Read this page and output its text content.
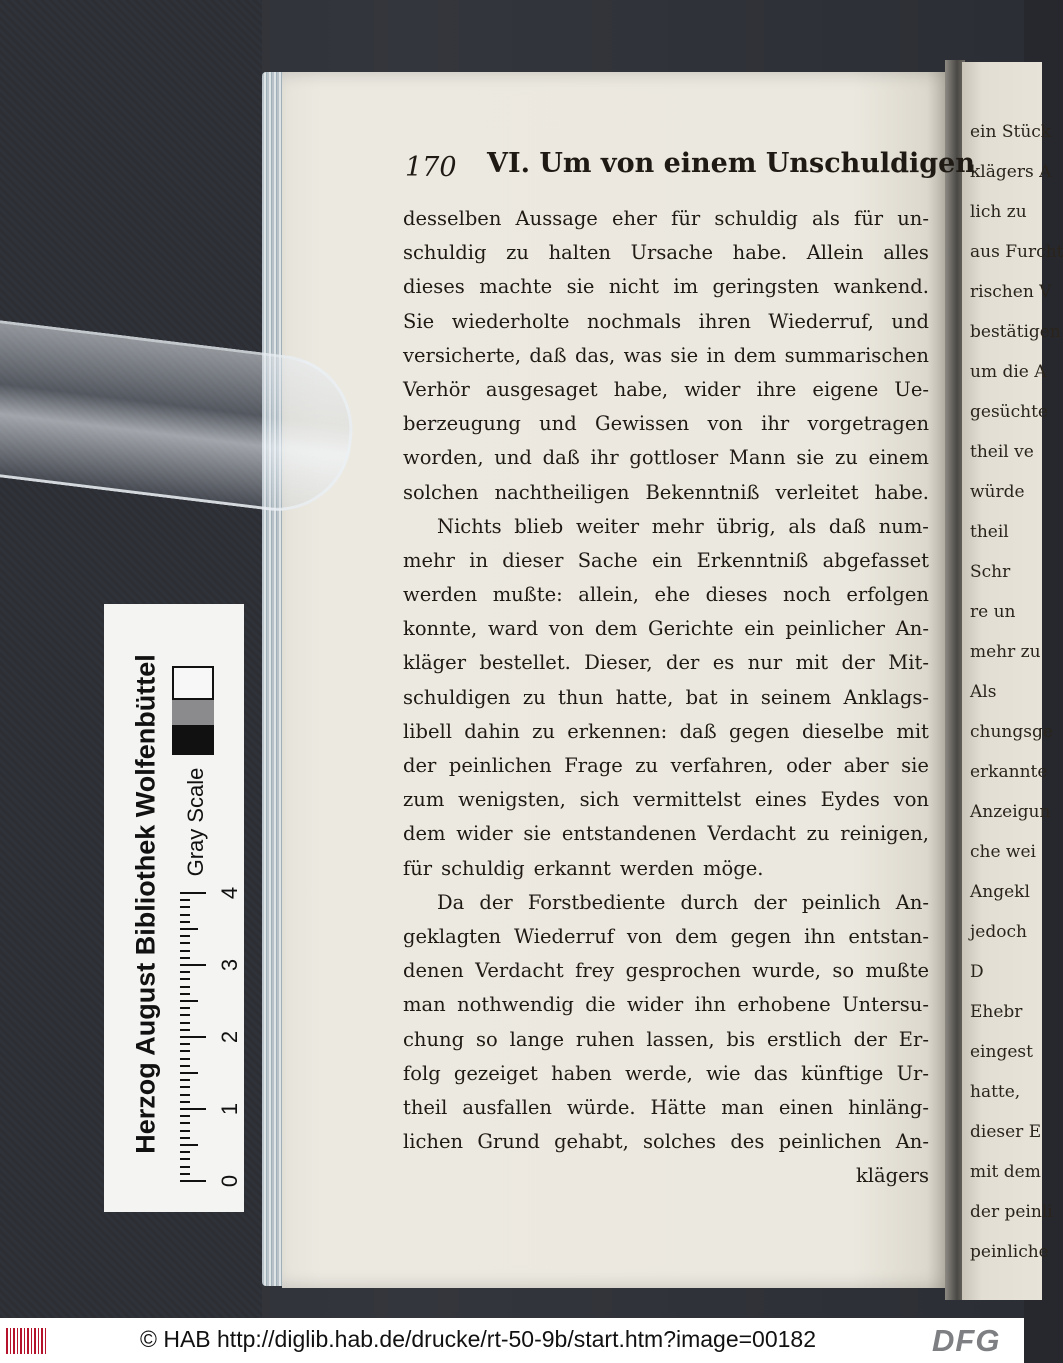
ein Stück
klägers A
lich zu
aus Furcht
rischen V
bestätigen
um die A
gesüchte
theil ve
würde
theil
Schr
re un
mehr zu
Als
chungsge
erkannte
Anzeigun
che wei
Angekl
jedoch
D
Ehebr
eingest
hatte,
dieser E
mit dem
der peinli
peinliche
170 VI. Um von einem Unschuldigen
desselben Aussage eher für schuldig als für un-
schuldig zu halten Ursache habe. Allein alles
dieses machte sie nicht im geringsten wankend.
Sie wiederholte nochmals ihren Wiederruf, und
versicherte, daß das, was sie in dem summarischen
Verhör ausgesaget habe, wider ihre eigene Ue-
berzeugung und Gewissen von ihr vorgetragen
worden, und daß ihr gottloser Mann sie zu einem
solchen nachtheiligen Bekenntniß verleitet habe.
Nichts blieb weiter mehr übrig, als daß num-
mehr in dieser Sache ein Erkenntniß abgefasset
werden mußte: allein, ehe dieses noch erfolgen
konnte, ward von dem Gerichte ein peinlicher An-
kläger bestellet. Dieser, der es nur mit der Mit-
schuldigen zu thun hatte, bat in seinem Anklags-
libell dahin zu erkennen: daß gegen dieselbe mit
der peinlichen Frage zu verfahren, oder aber sie
zum wenigsten, sich vermittelst eines Eydes von
dem wider sie entstandenen Verdacht zu reinigen,
für schuldig erkannt werden möge.
Da der Forstbediente durch der peinlich An-
geklagten Wiederruf von dem gegen ihn entstan-
denen Verdacht frey gesprochen wurde, so mußte
man nothwendig die wider ihn erhobene Untersu-
chung so lange ruhen lassen, bis erstlich der Er-
folg gezeiget haben werde, wie das künftige Ur-
theil ausfallen würde. Hätte man einen hinläng-
lichen Grund gehabt, solches des peinlichen An-
klägers
Herzog August Bibliothek Wolfenbüttel Gray Scale
0
1
2
3
4
© HAB http://diglib.hab.de/drucke/rt-50-9b/start.htm?image=00182	DFG
